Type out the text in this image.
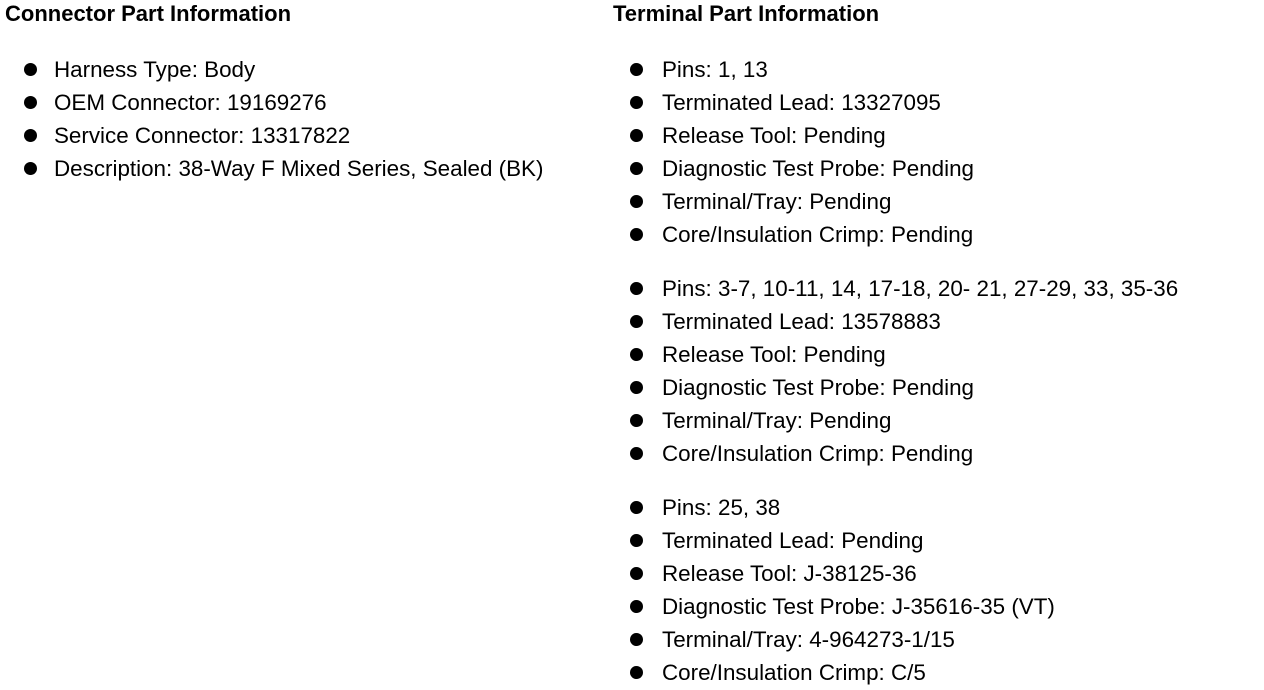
Connector Part Information
Harness Type: Body
OEM Connector: 19169276
Service Connector: 13317822
Description: 38-Way F Mixed Series, Sealed (BK)
Terminal Part Information
Pins: 1, 13
Terminated Lead: 13327095
Release Tool: Pending
Diagnostic Test Probe: Pending
Terminal/Tray: Pending
Core/Insulation Crimp: Pending
Pins: 3-7, 10-11, 14, 17-18, 20- 21, 27-29, 33, 35-36
Terminated Lead: 13578883
Release Tool: Pending
Diagnostic Test Probe: Pending
Terminal/Tray: Pending
Core/Insulation Crimp: Pending
Pins: 25, 38
Terminated Lead: Pending
Release Tool: J-38125-36
Diagnostic Test Probe: J-35616-35 (VT)
Terminal/Tray: 4-964273-1/15
Core/Insulation Crimp: C/5
